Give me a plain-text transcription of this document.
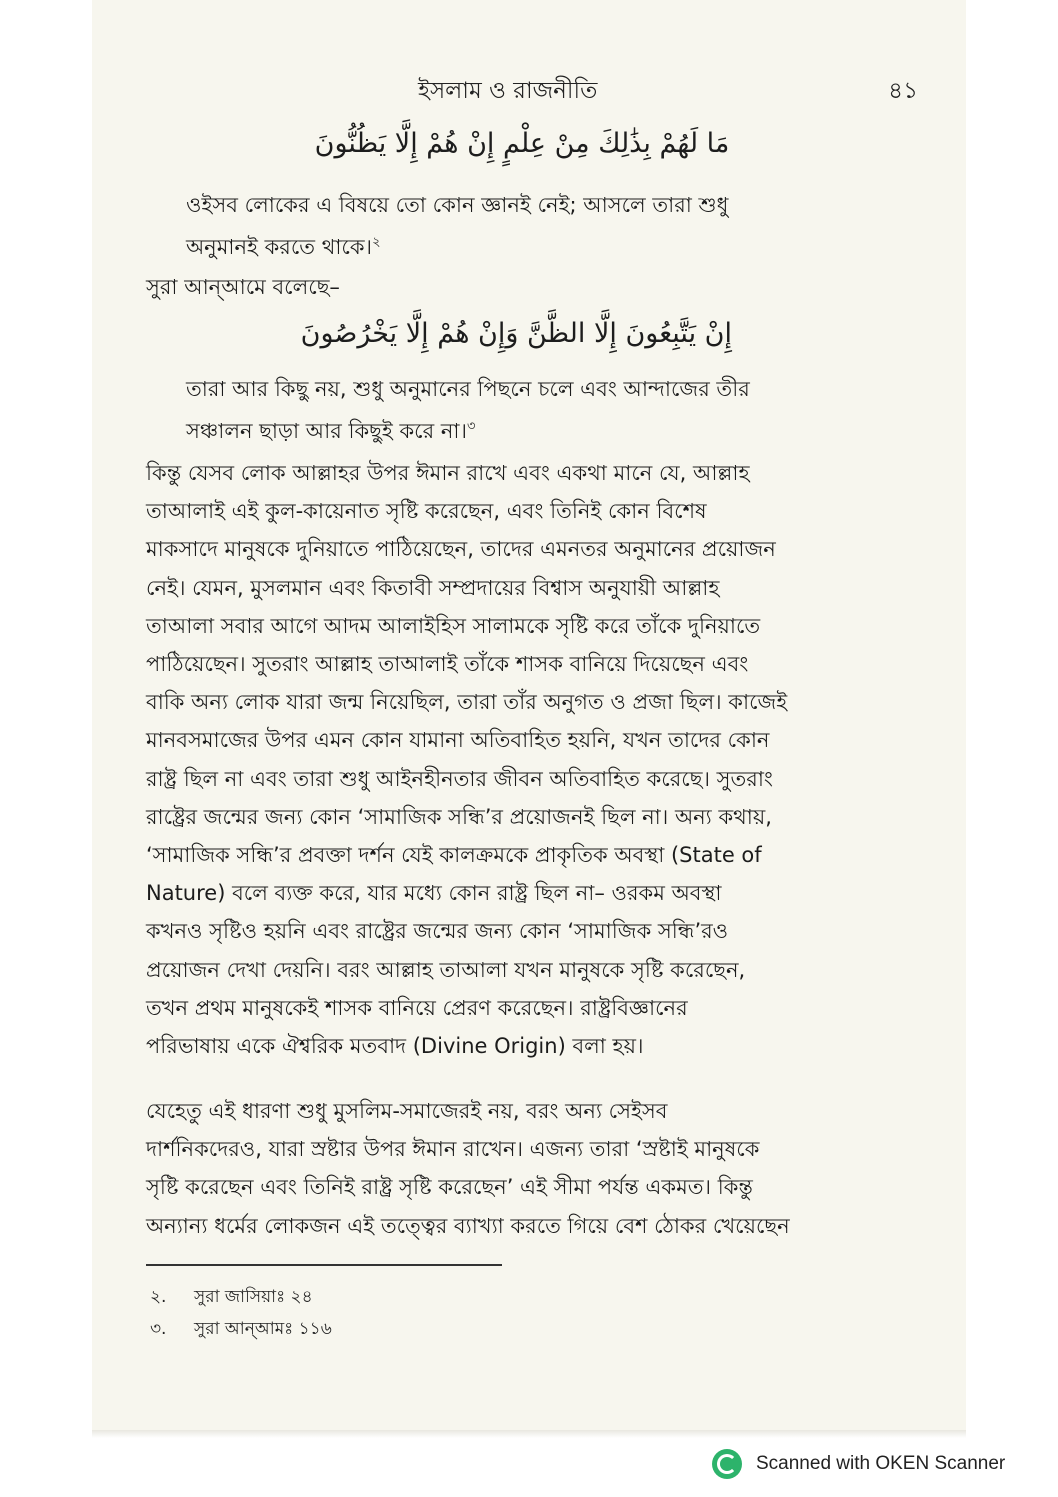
ইসলাম ও রাজনীতি	৪১
مَا لَهُمْ بِذَٰلِكَ مِنْ عِلْمٍ إِنْ هُمْ إِلَّا يَظُنُّونَ

ওইসব লোকের এ বিষয়ে তো কোন জ্ঞানই নেই; আসলে তারা শুধু
অনুমানই করতে থাকে।$^২$

সুরা আন্আমে বলেছে–

إِنْ يَتَّبِعُونَ إِلَّا الظَّنَّ وَإِنْ هُمْ إِلَّا يَخْرُصُونَ

তারা আর কিছু নয়, শুধু অনুমানের পিছনে চলে এবং আন্দাজের তীর
সঞ্চালন ছাড়া আর কিছুই করে না।$^৩$

কিন্তু যেসব লোক আল্লাহর উপর ঈমান রাখে এবং একথা মানে যে, আল্লাহ
তাআলাই এই কুল-কায়েনাত সৃষ্টি করেছেন, এবং তিনিই কোন বিশেষ
মাকসাদে মানুষকে দুনিয়াতে পাঠিয়েছেন, তাদের এমনতর অনুমানের প্রয়োজন
নেই। যেমন, মুসলমান এবং কিতাবী সম্প্রদায়ের বিশ্বাস অনুযায়ী আল্লাহ
তাআলা সবার আগে আদম আলাইহিস সালামকে সৃষ্টি করে তাঁকে দুনিয়াতে
পাঠিয়েছেন। সুতরাং আল্লাহ তাআলাই তাঁকে শাসক বানিয়ে দিয়েছেন এবং
বাকি অন্য লোক যারা জন্ম নিয়েছিল, তারা তাঁর অনুগত ও প্রজা ছিল। কাজেই
মানবসমাজের উপর এমন কোন যামানা অতিবাহিত হয়নি, যখন তাদের কোন
রাষ্ট্র ছিল না এবং তারা শুধু আইনহীনতার জীবন অতিবাহিত করেছে। সুতরাং
রাষ্ট্রের জন্মের জন্য কোন ‘সামাজিক সন্ধি’র প্রয়োজনই ছিল না। অন্য কথায়,
‘সামাজিক সন্ধি’র প্রবক্তা দর্শন যেই কালক্রমকে প্রাকৃতিক অবস্থা (State of
Nature) বলে ব্যক্ত করে, যার মধ্যে কোন রাষ্ট্র ছিল না– ওরকম অবস্থা
কখনও সৃষ্টিও হয়নি এবং রাষ্ট্রের জন্মের জন্য কোন ‘সামাজিক সন্ধি’রও
প্রয়োজন দেখা দেয়নি। বরং আল্লাহ তাআলা যখন মানুষকে সৃষ্টি করেছেন,
তখন প্রথম মানুষকেই শাসক বানিয়ে প্রেরণ করেছেন। রাষ্ট্রবিজ্ঞানের
পরিভাষায় একে ঐশ্বরিক মতবাদ (Divine Origin) বলা হয়।
যেহেতু এই ধারণা শুধু মুসলিম-সমাজেরই নয়, বরং অন্য সেইসব
দার্শনিকদেরও, যারা স্রষ্টার উপর ঈমান রাখেন। এজন্য তারা ‘স্রষ্টাই মানুষকে
সৃষ্টি করেছেন এবং তিনিই রাষ্ট্র সৃষ্টি করেছেন’ এই সীমা পর্যন্ত একমত। কিন্তু
অন্যান্য ধর্মের লোকজন এই তত্ত্বের ব্যাখ্যা করতে গিয়ে বেশ ঠোকর খেয়েছেন
২. সুরা জাসিয়াঃ ২৪
৩. সুরা আন্আমঃ ১১৬
Scanned with OKEN Scanner
